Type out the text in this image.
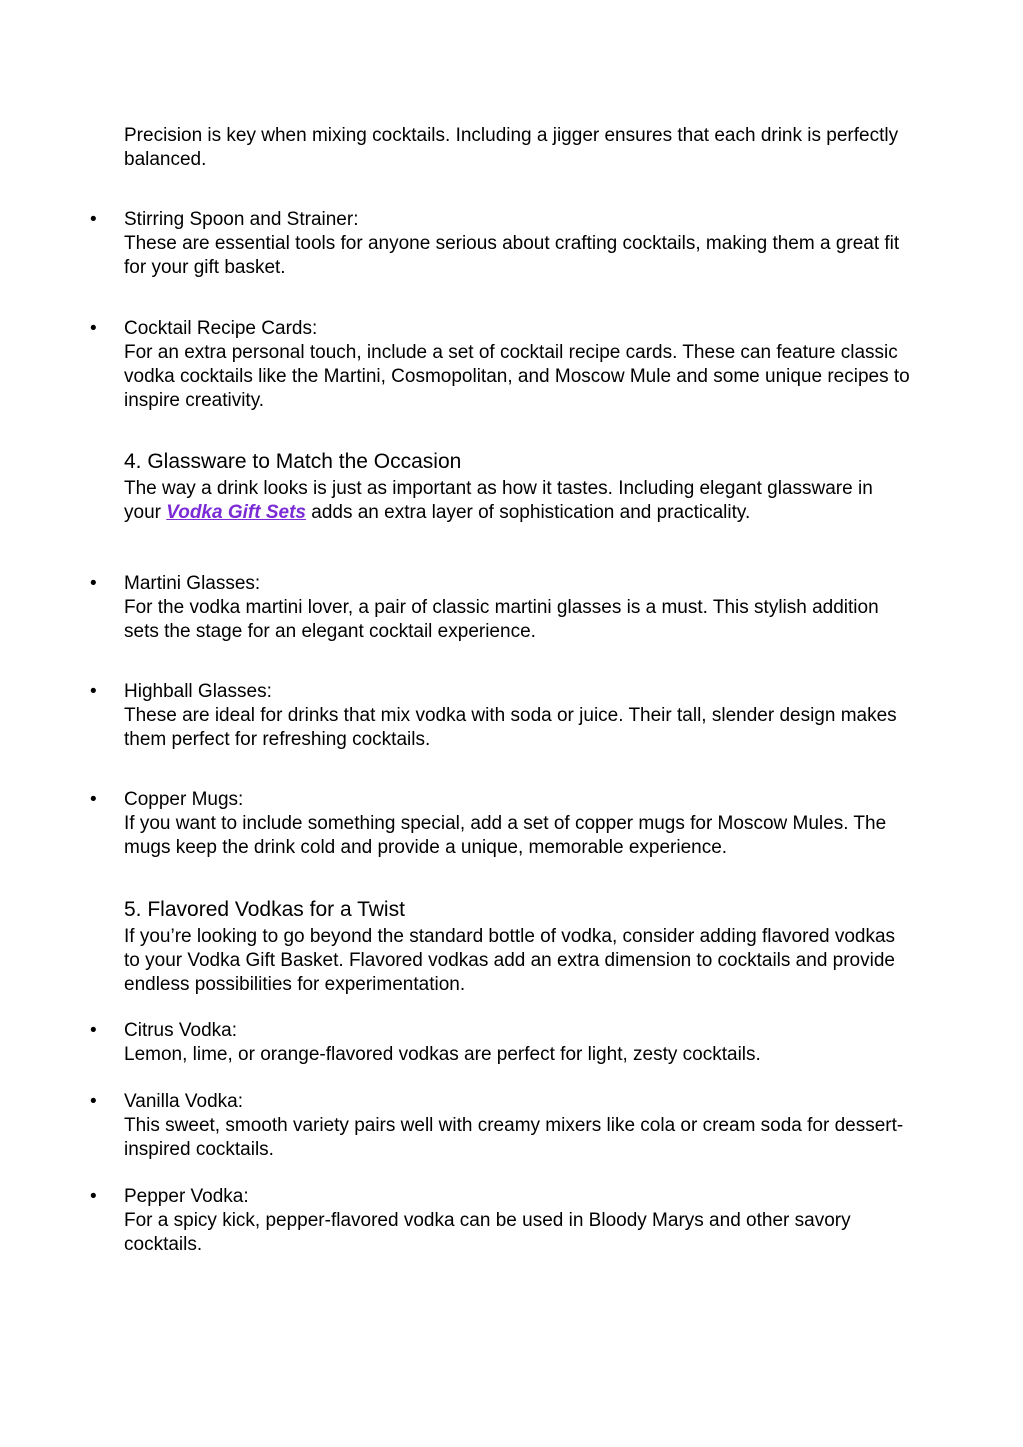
Precision is key when mixing cocktails. Including a jigger ensures that each drink is perfectly balanced.

• Stirring Spoon and Strainer:

These are essential tools for anyone serious about crafting cocktails, making them a great fit for your gift basket.

• Cocktail Recipe Cards:

For an extra personal touch, include a set of cocktail recipe cards. These can feature classic vodka cocktails like the Martini, Cosmopolitan, and Moscow Mule and some unique recipes to inspire creativity.

4. Glassware to Match the Occasion

The way a drink looks is just as important as how it tastes. Including elegant glassware in your Vodka Gift Sets adds an extra layer of sophistication and practicality.

• Martini Glasses:

For the vodka martini lover, a pair of classic martini glasses is a must. This stylish addition sets the stage for an elegant cocktail experience.

• Highball Glasses:

These are ideal for drinks that mix vodka with soda or juice. Their tall, slender design makes them perfect for refreshing cocktails.

• Copper Mugs:

If you want to include something special, add a set of copper mugs for Moscow Mules. The mugs keep the drink cold and provide a unique, memorable experience.

5. Flavored Vodkas for a Twist

If you’re looking to go beyond the standard bottle of vodka, consider adding flavored vodkas to your Vodka Gift Basket. Flavored vodkas add an extra dimension to cocktails and provide endless possibilities for experimentation.

• Citrus Vodka:

Lemon, lime, or orange-flavored vodkas are perfect for light, zesty cocktails.

• Vanilla Vodka:

This sweet, smooth variety pairs well with creamy mixers like cola or cream soda for dessert-inspired cocktails.

• Pepper Vodka:

For a spicy kick, pepper-flavored vodka can be used in Bloody Marys and other savory cocktails.
